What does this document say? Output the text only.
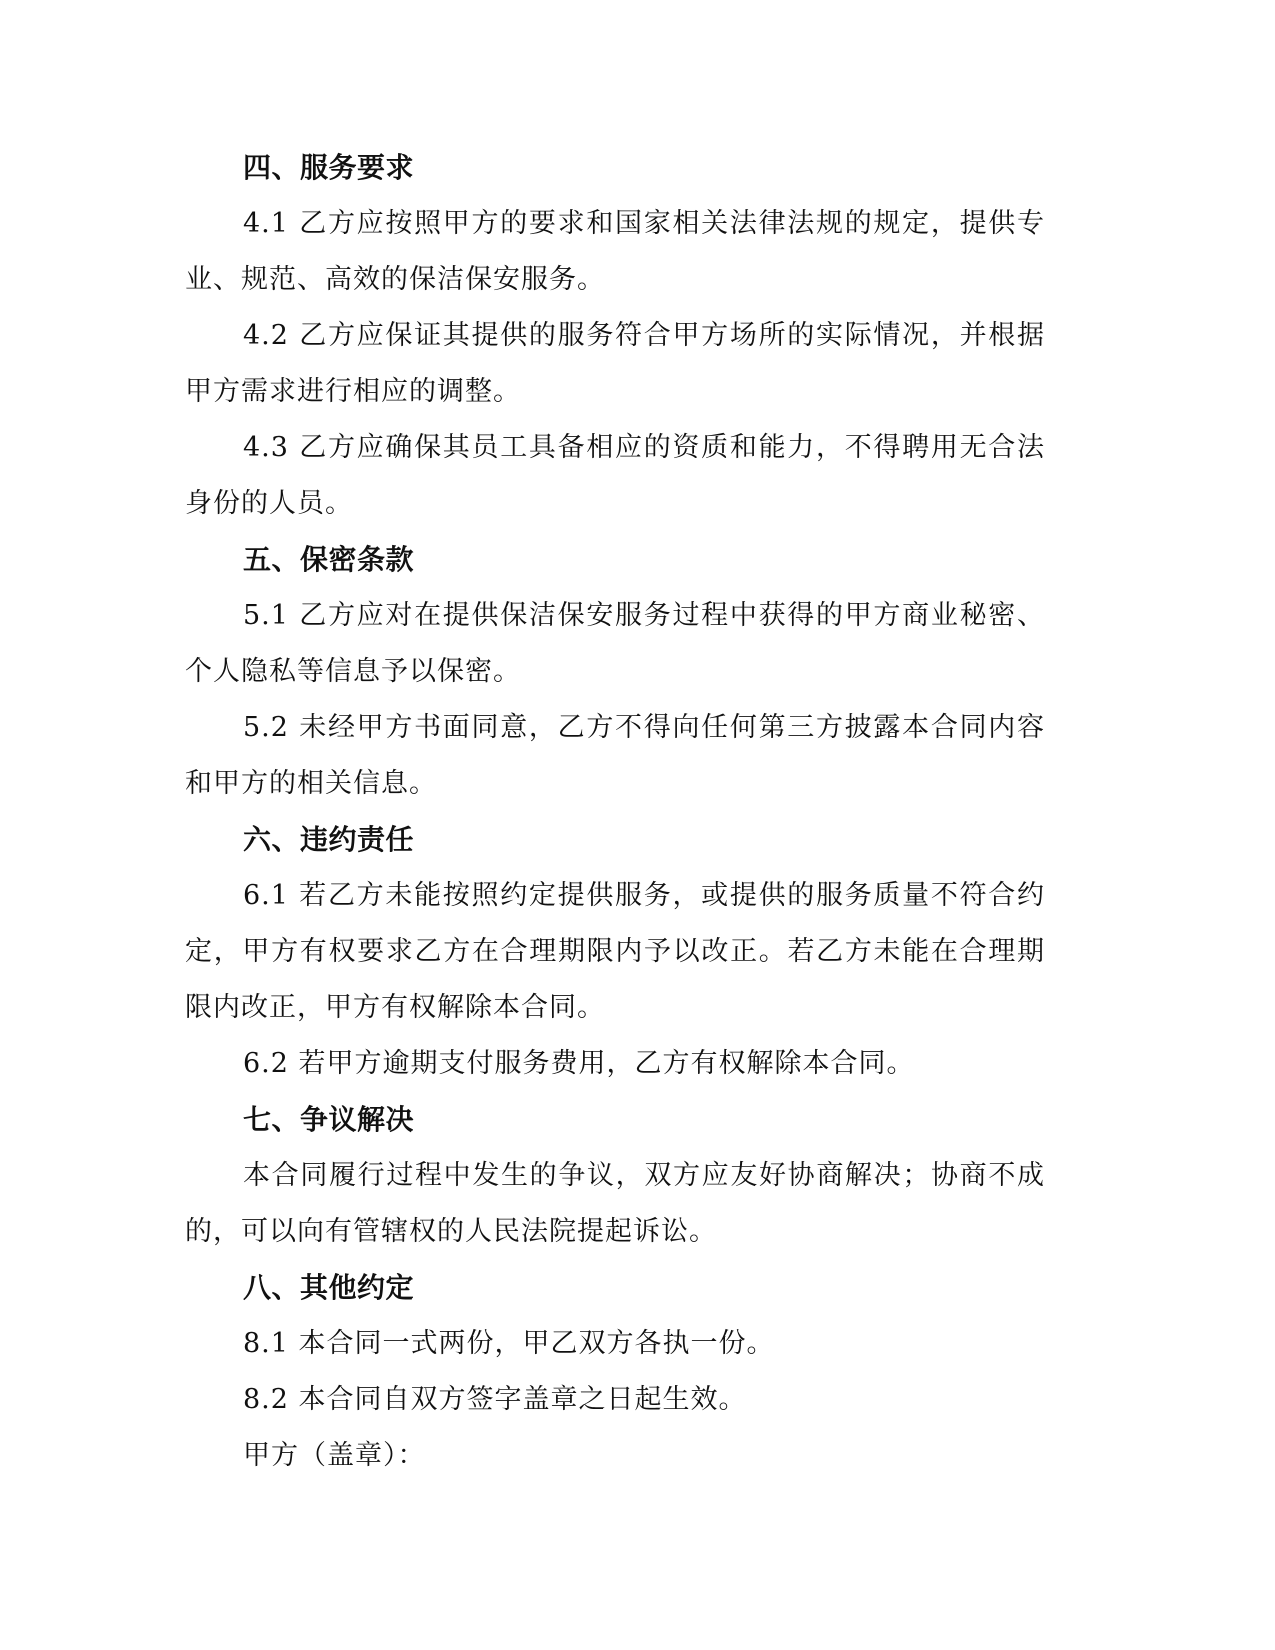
四、服务要求

4.1 乙方应按照甲方的要求和国家相关法律法规的规定，提供专业、规范、高效的保洁保安服务。

4.2 乙方应保证其提供的服务符合甲方场所的实际情况，并根据甲方需求进行相应的调整。

4.3 乙方应确保其员工具备相应的资质和能力，不得聘用无合法身份的人员。

五、保密条款

5.1 乙方应对在提供保洁保安服务过程中获得的甲方商业秘密、个人隐私等信息予以保密。

5.2 未经甲方书面同意，乙方不得向任何第三方披露本合同内容和甲方的相关信息。

六、违约责任

6.1 若乙方未能按照约定提供服务，或提供的服务质量不符合约定，甲方有权要求乙方在合理期限内予以改正。若乙方未能在合理期限内改正，甲方有权解除本合同。

6.2 若甲方逾期支付服务费用，乙方有权解除本合同。

七、争议解决

本合同履行过程中发生的争议，双方应友好协商解决；协商不成的，可以向有管辖权的人民法院提起诉讼。

八、其他约定

8.1 本合同一式两份，甲乙双方各执一份。

8.2 本合同自双方签字盖章之日起生效。

甲方（盖章）：
